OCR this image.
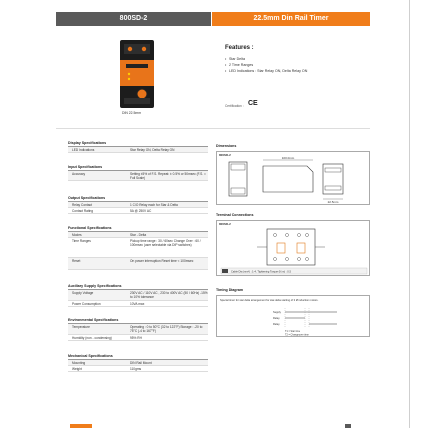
800SD-2	22.5mm Din Rail Timer
DIN 22.5mm
Features :
• Star Delta
• 2 Time Ranges
• LED Indications : Star Relay ON, Delta Relay ON
Certification : CE
Display Specifications
LED Indications	Star Relay ON, Delta Relay ON
Input Specifications
Accuracy	Setting ±5% of F.S. Repeat: ± 0.5% or 50msec (F.S. = Full Scale)
Output Specifications
Relay Contact	1 C/O Relay each for Star & Delta
Contact Rating	5A @ 250V AC
Functional Specifications
Modes	Star - Delta
Time Ranges	Pickup time range : 30 / 60sec Change Over : 60 / 100msec (user selectable via DIP switches)
Reset	On power interruption Reset time < 100msec
Auxiliary Supply Specifications
Supply Voltage	230V AC / 110V AC , 230 to 400V AC (50 / 60Hz) -15% to 10% tolerance
Power Consumption	10VA max
Environmental Specifications
Temperature	Operating : 0 to 50°C (32 to 122°F) Storage : -20 to 75°C (-4 to 167°F)
Humidity (non - condensing)	95% RH
Mechanical Specifications
Mounting	DIN Rail Mount
Weight	110gms
Dimensions
800SD-2
100.0mm
22.5mm
Terminal Connections
800SD-2
Cable Dia (mm²) : 1-4, Tightening Torque (N.m) : 0.5
Timing Diagram
Special timer for star delta arrangement for star-delta starting of 3 Ø induction motors.
Supply
Relay
Relay
T1 = Star time
T2 = Changeover time
